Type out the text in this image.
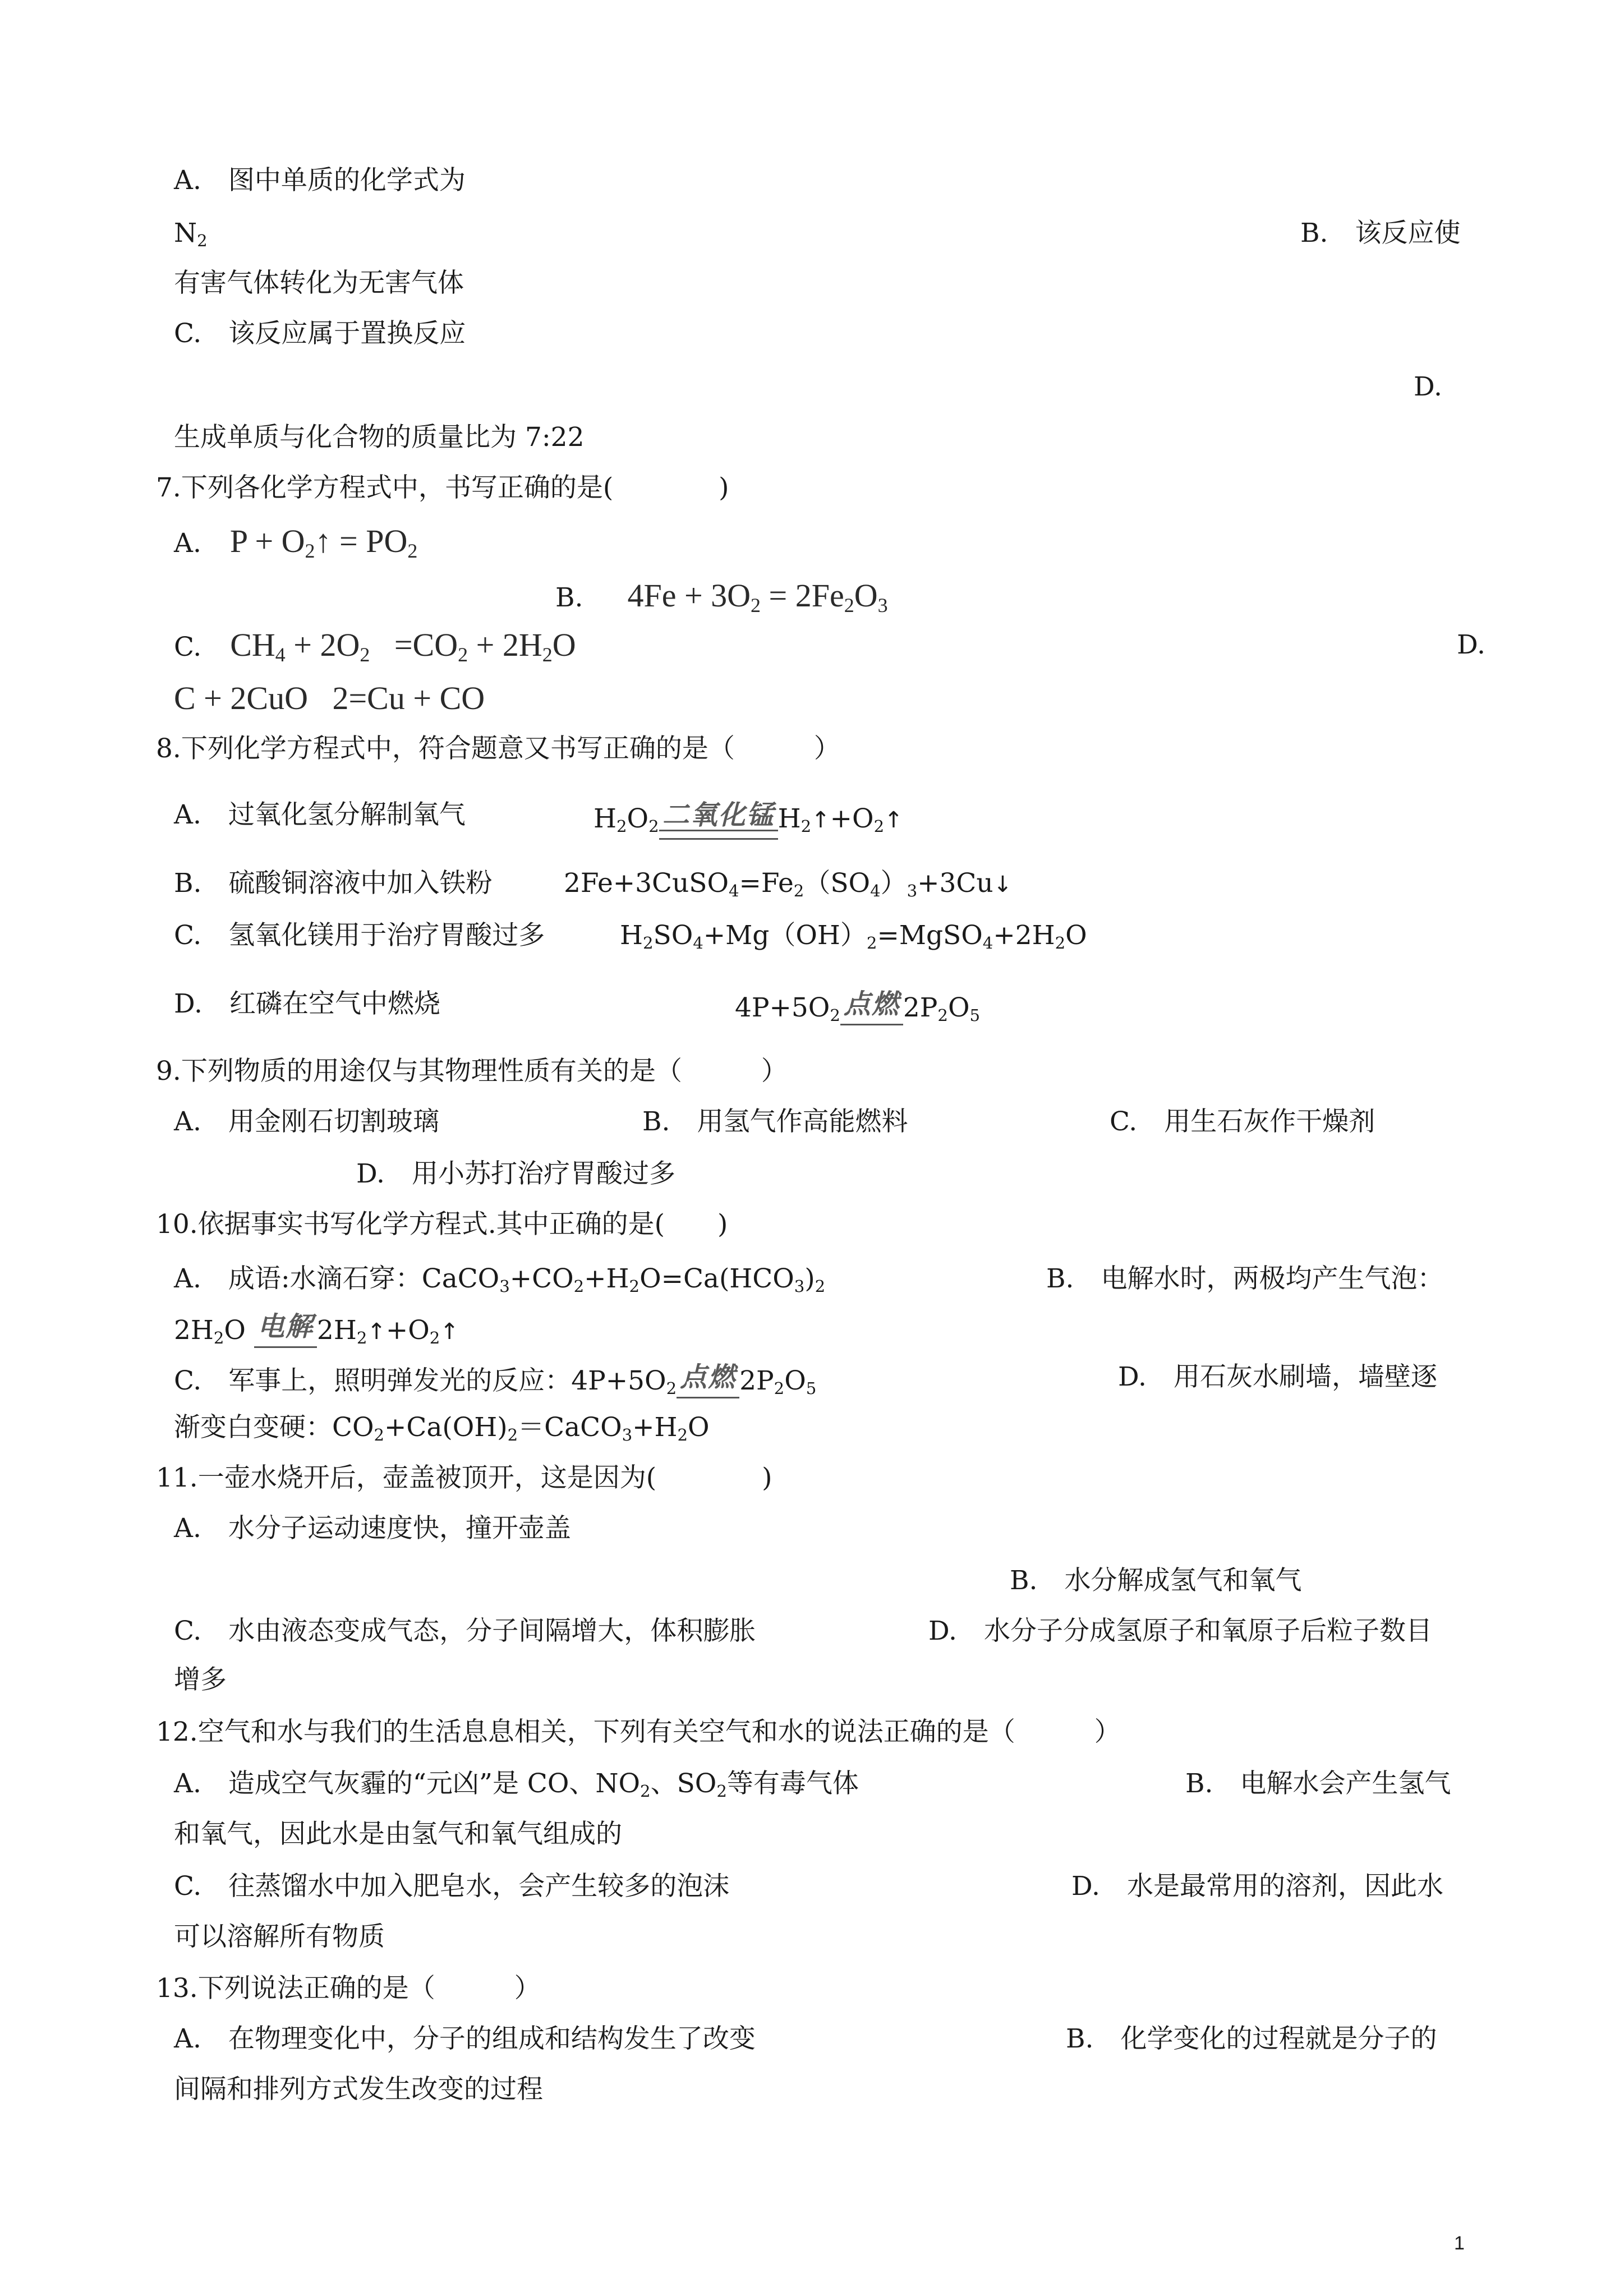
A. 图中单质的化学式为
$N_2$	B. 该反应使
有害气体转化为无害气体
C. 该反应属于置换反应
D.
生成单质与化合物的质量比为 7:22
7.下列各化学方程式中，书写正确的是(　　　　)
A. $P + O_2↑ = PO_2$
B. $4Fe + 3O_2 = 2Fe_2O_3$
C. $CH_4 + 2O_2 =CO_2 + 2H_2O$	D.
C + 2CuO   2=Cu + CO
8.下列化学方程式中，符合题意又书写正确的是（　　　）
A. 过氧化氢分解制氧气	$H_2O_2$ 二氧化锰 $H_2↑+O_2↑$
B. 硫酸铜溶液中加入铁粉	$2Fe+3CuSO_4=Fe_2(SO_4)_3+3Cu↓$
C. 氢氧化镁用于治疗胃酸过多	$H_2SO_4+Mg(OH)_2=MgSO_4+2H_2O$
D. 红磷在空气中燃烧	$4P+5O_2$ 点燃 $2P_2O_5$
9.下列物质的用途仅与其物理性质有关的是（　　　）
A. 用金刚石切割玻璃	B. 用氢气作高能燃料	C. 用生石灰作干燥剂
D. 用小苏打治疗胃酸过多
10.依据事实书写化学方程式.其中正确的是(　　)
A. 成语:水滴石穿：$CaCO_3+CO_2+H_2O=Ca(HCO_3)_2$	B. 电解水时，两极均产生气泡：
$2H_2O$ 电解 $2H_2↑+O_2↑$
C. 军事上，照明弹发光的反应：$4P+5O_2$ 点燃 $2P_2O_5$	D. 用石灰水刷墙，墙壁逐
渐变白变硬：$CO_2+Ca(OH)_2=CaCO_3+H_2O$
11.一壶水烧开后，壶盖被顶开，这是因为(　　　　)
A. 水分子运动速度快，撞开壶盖
B. 水分解成氢气和氧气
C. 水由液态变成气态，分子间隔增大，体积膨胀	D. 水分子分成氢原子和氧原子后粒子数目
增多
12.空气和水与我们的生活息息相关，下列有关空气和水的说法正确的是（　　　）
A. 造成空气灰霾的“元凶”是 CO、$NO_2$、$SO_2$等有毒气体	B. 电解水会产生氢气
和氧气，因此水是由氢气和氧气组成的
C. 往蒸馏水中加入肥皂水，会产生较多的泡沫	D. 水是最常用的溶剂，因此水
可以溶解所有物质
13.下列说法正确的是（　　　）
A. 在物理变化中，分子的组成和结构发生了改变	B. 化学变化的过程就是分子的
间隔和排列方式发生改变的过程
1
